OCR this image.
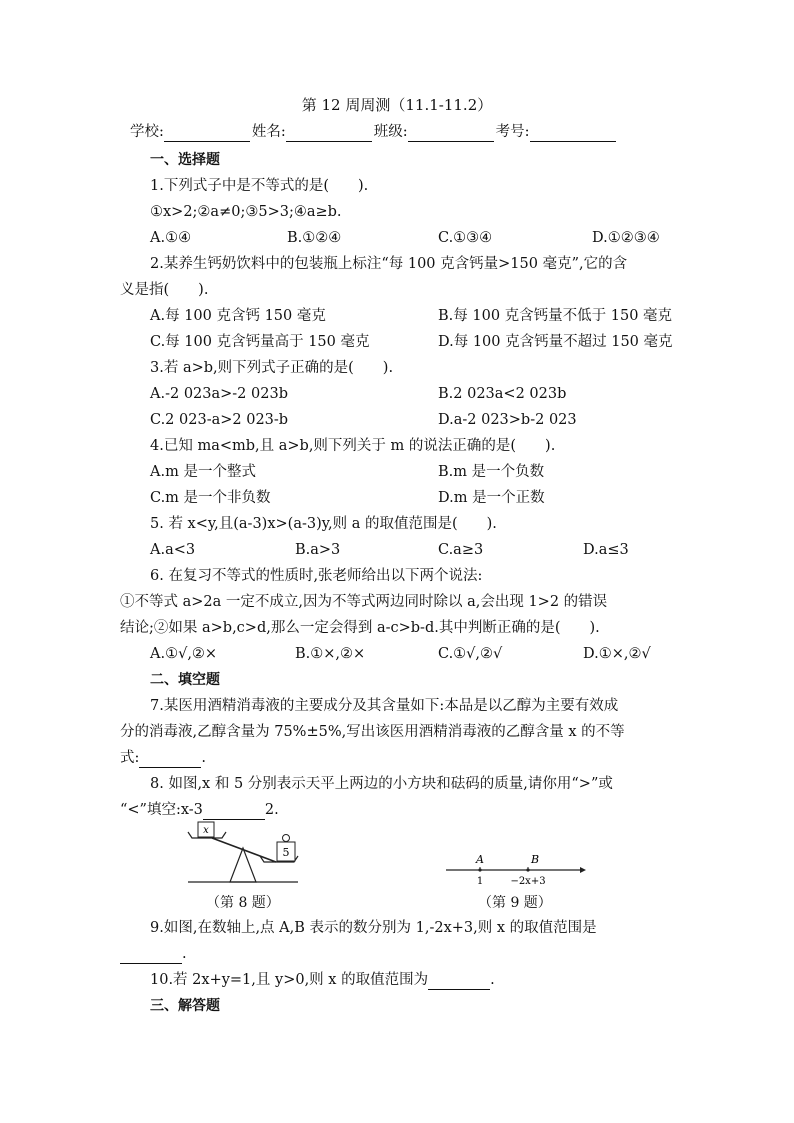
第 12 周周测（11.1-11.2）
学校:	姓名:	班级:	考号:
一、选择题
1.下列式子中是不等式的是(　　).
①x>2;②a≠0;③5>3;④a≥b.
A.①④	B.①②④	C.①③④	D.①②③④
2.某养生钙奶饮料中的包装瓶上标注“每 100 克含钙量>150 毫克”,它的含
义是指(　　).
A.每 100 克含钙 150 毫克	B.每 100 克含钙量不低于 150 毫克
C.每 100 克含钙量高于 150 毫克	D.每 100 克含钙量不超过 150 毫克
3.若 a>b,则下列式子正确的是(　　).
A.-2 023a>-2 023b	B.2 023a<2 023b
C.2 023-a>2 023-b	D.a-2 023>b-2 023
4.已知 ma<mb,且 a>b,则下列关于 m 的说法正确的是(　　).
A.m 是一个整式	B.m 是一个负数
C.m 是一个非负数	D.m 是一个正数
5. 若 x<y,且(a-3)x>(a-3)y,则 a 的取值范围是(　　).
A.a<3	B.a>3	C.a≥3	D.a≤3
6. 在复习不等式的性质时,张老师给出以下两个说法:
①不等式 a>2a 一定不成立,因为不等式两边同时除以 a,会出现 1>2 的错误
结论;②如果 a>b,c>d,那么一定会得到 a-c>b-d.其中判断正确的是(　　).
A.①√,②×	B.①×,②×	C.①√,②√	D.①×,②√
二、填空题
7.某医用酒精消毒液的主要成分及其含量如下:本品是以乙醇为主要有效成
分的消毒液,乙醇含量为 75%±5%,写出该医用酒精消毒液的乙醇含量 x 的不等
式:	.
8. 如图,x 和 5 分别表示天平上两边的小方块和砝码的质量,请你用“>”或
“<”填空:x-3	2.
x
5
（第 8 题）
A	B
1	−2x+3
（第 9 题）
9.如图,在数轴上,点 A,B 表示的数分别为 1,-2x+3,则 x 的取值范围是
.
10.若 2x+y=1,且 y>0,则 x 的取值范围为	.
三、解答题
